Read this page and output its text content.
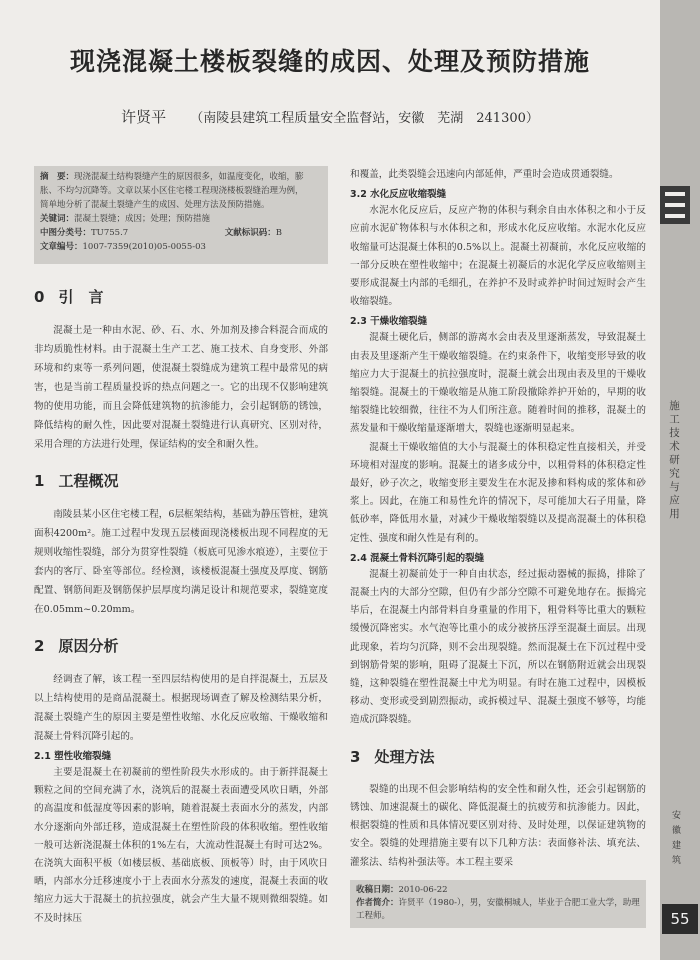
现浇混凝土楼板裂缝的成因、处理及预防措施
许贤平 （南陵县建筑工程质量安全监督站，安徽　芜湖　241300）
摘　要：现浇混凝土结构裂缝产生的原因很多，如温度变化，收缩，膨
胀、不均匀沉降等。文章以某小区住宅楼工程现浇楼板裂缝治理为例，
简单地分析了混凝土裂缝产生的成因、处理方法及预防措施。
关键词：混凝土裂缝；成因；处理；预防措施
中图分类号：TU755.7	文献标识码：B
文章编号：1007-7359(2010)05-0055-03
0 引　言

混凝土是一种由水泥、砂、石、水、外加剂及掺合料混合而成的非均质脆性材料。由于混凝土生产工艺、施工技术、自身变形、外部环境和约束等一系列问题，使混凝土裂缝成为建筑工程中最常见的病害，也是当前工程质量投诉的热点问题之一。它的出现不仅影响建筑物的使用功能，而且会降低建筑物的抗渗能力，会引起钢筋的锈蚀，降低结构的耐久性，因此要对混凝土裂缝进行认真研究、区别对待，采用合理的方法进行处理，保证结构的安全和耐久性。

1 工程概况

南陵县某小区住宅楼工程，6层框架结构，基础为静压管桩，建筑面积4200m²。施工过程中发现五层楼面现浇楼板出现不同程度的无规则收缩性裂缝，部分为贯穿性裂缝（板底可见渗水痕迹），主要位于套内的客厅、卧室等部位。经检测，该楼板混凝土强度及厚度、钢筋配置、钢筋间距及钢筋保护层厚度均满足设计和规范要求，裂缝宽度在0.05mm~0.20mm。

2 原因分析

经调查了解，该工程一至四层结构使用的是自拌混凝土，五层及以上结构使用的是商品混凝土。根据现场调查了解及检测结果分析，混凝土裂缝产生的原因主要是塑性收缩、水化反应收缩、干燥收缩和混凝土骨料沉降引起的。

2.1 塑性收缩裂缝

主要是混凝土在初凝前的塑性阶段失水形成的。由于新拌混凝土颗粒之间的空间充满了水，浇筑后的混凝土表面遭受风吹日晒，外部的高温度和低湿度等因素的影响，随着混凝土表面水分的蒸发，内部水分逐渐向外部迁移，造成混凝土在塑性阶段的体积收缩。塑性收缩一般可达新浇混凝土体积的1%左右，大流动性混凝土有时可达2%。在浇筑大面积平板（如楼层板、基础底板、顶板等）时，由于风吹日晒，内部水分迁移速度小于上表面水分蒸发的速度，混凝土表面的收缩应力远大于混凝土的抗拉强度，就会产生大量不规则微细裂缝。如不及时抹压

和覆盖，此类裂缝会迅速向内部延伸，严重时会造成贯通裂缝。

3.2 水化反应收缩裂缝

水泥水化反应后，反应产物的体积与剩余自由水体积之和小于反应前水泥矿物体积与水体积之和，形成水化反应收缩。水泥水化反应收缩量可达混凝土体积的0.5%以上。混凝土初凝前，水化反应收缩的一部分反映在塑性收缩中；在混凝土初凝后的水泥化学反应收缩则主要形成混凝土内部的毛细孔，在养护不及时或养护时间过短时会产生收缩裂缝。

2.3 干燥收缩裂缝

混凝土硬化后，侧部的游离水会由表及里逐渐蒸发，导致混凝土由表及里逐渐产生干燥收缩裂缝。在约束条件下，收缩变形导致的收缩应力大于混凝土的抗拉强度时，混凝土就会出现由表及里的干燥收缩裂缝。混凝土的干燥收缩是从施工阶段撤除养护开始的，早期的收缩裂缝比较细微，往往不为人们所注意。随着时间的推移，混凝土的蒸发量和干燥收缩量逐渐增大，裂缝也逐渐明显起来。

混凝土干燥收缩值的大小与混凝土的体积稳定性直接相关，并受环境相对湿度的影响。混凝土的诸多成分中，以粗骨料的体积稳定性最好，砂子次之，收缩变形主要发生在水泥及掺和料构成的浆体和砂浆上。因此，在施工和易性允许的情况下，尽可能加大石子用量，降低砂率，降低用水量，对减少干燥收缩裂缝以及提高混凝土的体积稳定性、强度和耐久性是有利的。

2.4 混凝土骨料沉降引起的裂缝

混凝土初凝前处于一种自由状态，经过振动器械的振捣，排除了混凝土内的大部分空隙，但仍有少部分空隙不可避免地存在。振捣完毕后，在混凝土内部骨料自身重量的作用下，粗骨料等比重大的颗粒缓慢沉降密实。水气泡等比重小的成分被挤压浮至混凝土面层。出现此现象，若均匀沉降，则不会出现裂缝。然而混凝土在下沉过程中受到钢筋骨架的影响，阻碍了混凝土下沉，所以在钢筋附近就会出现裂缝，这种裂缝在塑性混凝土中尤为明显。有时在施工过程中，因模板移动、变形或受到剧烈振动，或拆模过早、混凝土强度不够等，均能造成沉降裂缝。

3 处理方法

裂缝的出现不但会影响结构的安全性和耐久性，还会引起钢筋的锈蚀、加速混凝土的碳化、降低混凝土的抗疲劳和抗渗能力。因此，根据裂缝的性质和具体情况要区别对待、及时处理，以保证建筑物的安全。裂缝的处理措施主要有以下几种方法：表面修补法、填充法、灌浆法、结构补强法等。本工程主要采

收稿日期：2010-06-22
作者简介：许贤平（1980-），男，安徽桐城人，毕业于合肥工业大学，助理工程师。
施工技术研究与应用
安徽建筑
55
